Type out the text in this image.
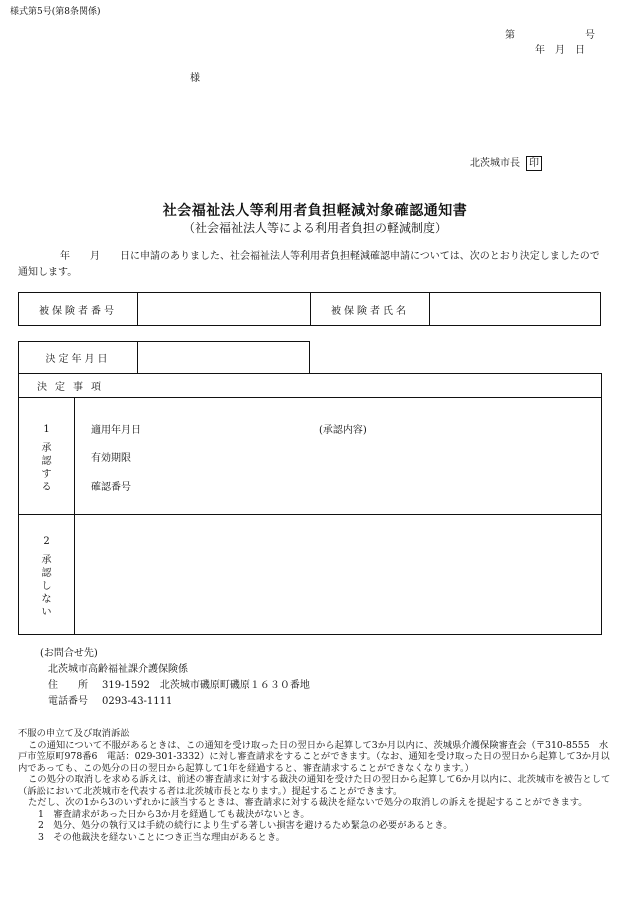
様式第5号(第8条関係)
第	号
年　月　日
様
北茨城市長 印
社会福祉法人等利用者負担軽減対象確認通知書
（社会福祉法人等による利用者負担の軽減制度）
年　　月　　日に申請のありました、社会福祉法人等利用者負担軽減確認申請については、次のとおり決定しましたので通知します。
被保険者番号		被保険者氏名	
決定年月日	
決定事項
1
承
認
す
る
適用年月日	(承認内容)
有効期限
確認番号
2
承
認
し
な
い
(お問合せ先)
北茨城市高齢福祉課介護保険係
住　　所 319-1592　北茨城市磯原町磯原１６３０番地
電話番号 0293-43-1111

不服の申立て及び取消訴訟

この通知について不服があるときは、この通知を受け取った日の翌日から起算して3か月以内に、茨城県介護保険審査会（〒310-8555　水戸市笠原町978番6　電話：029-301-3332）に対し審査請求をすることができます。（なお、通知を受け取った日の翌日から起算して3か月以内であっても、この処分の日の翌日から起算して1年を経過すると、審査請求することができなくなります。）

この処分の取消しを求める訴えは、前述の審査請求に対する裁決の通知を受けた日の翌日から起算して6か月以内に、北茨城市を被告として（訴訟において北茨城市を代表する者は北茨城市長となります。）提起することができます。

ただし、次の1から3のいずれかに該当するときは、審査請求に対する裁決を経ないで処分の取消しの訴えを提起することができます。

1　審査請求があった日から3か月を経過しても裁決がないとき。

2　処分、処分の執行又は手続の続行により生ずる著しい損害を避けるため緊急の必要があるとき。

3　その他裁決を経ないことにつき正当な理由があるとき。
